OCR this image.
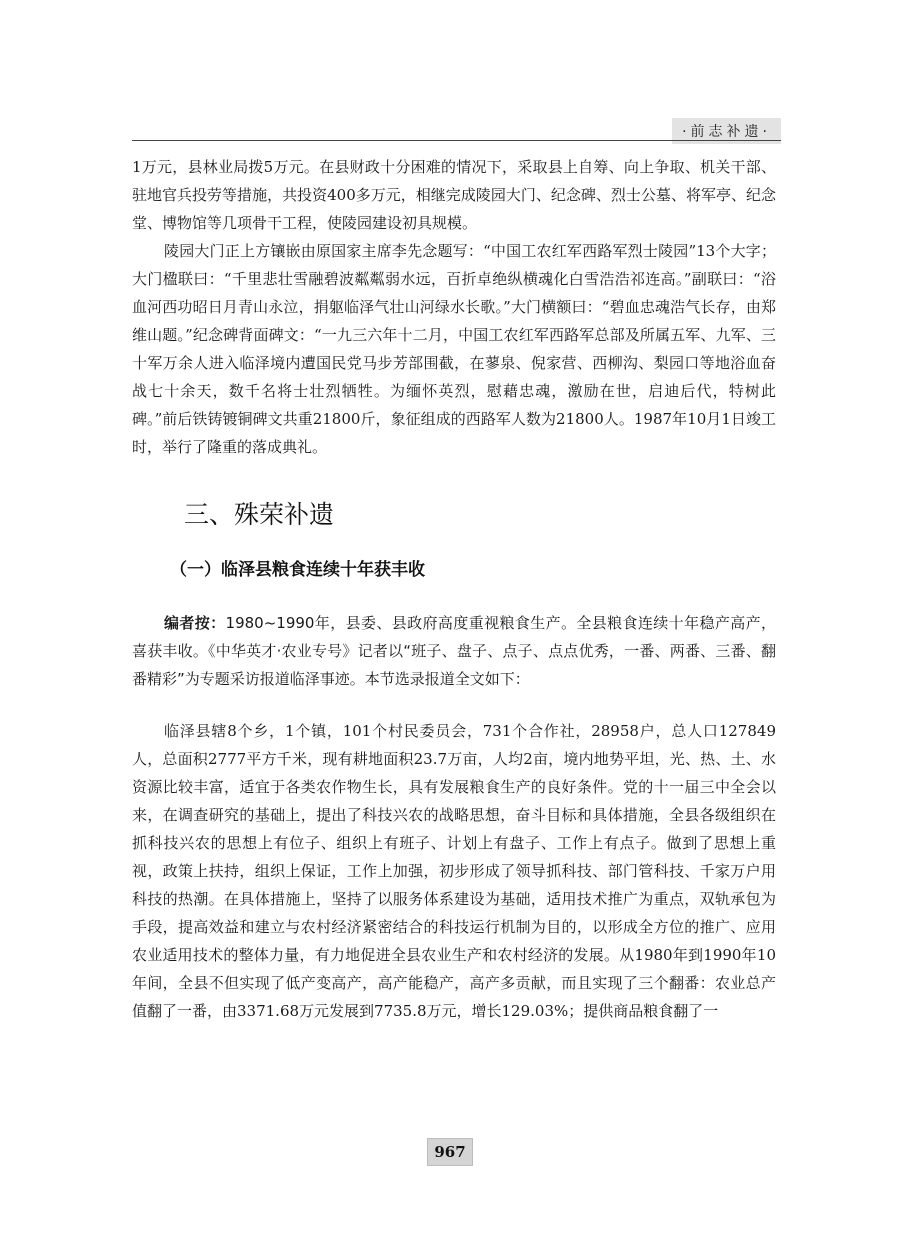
·前志补遗·

1万元，县林业局拨5万元。在县财政十分困难的情况下，采取县上自筹、向上争取、机关干部、驻地官兵投劳等措施，共投资400多万元，相继完成陵园大门、纪念碑、烈士公墓、将军亭、纪念堂、博物馆等几项骨干工程，使陵园建设初具规模。

陵园大门正上方镶嵌由原国家主席李先念题写：“中国工农红军西路军烈士陵园”13个大字；大门楹联曰：“千里悲壮雪融碧波粼粼弱水远，百折卓绝纵横魂化白雪浩浩祁连高。”副联曰：“浴血河西功昭日月青山永泣，捐躯临泽气壮山河绿水长歌。”大门横额曰：“碧血忠魂浩气长存，由郑维山题。”纪念碑背面碑文：“一九三六年十二月，中国工农红军西路军总部及所属五军、九军、三十军万余人进入临泽境内遭国民党马步芳部围截，在蓼泉、倪家营、西柳沟、梨园口等地浴血奋战七十余天，数千名将士壮烈牺牲。为缅怀英烈，慰藉忠魂，激励在世，启迪后代，特树此碑。”前后铁铸镀铜碑文共重21800斤，象征组成的西路军人数为21800人。1987年10月1日竣工时，举行了隆重的落成典礼。

三、殊荣补遗
（一）临泽县粮食连续十年获丰收

编者按：1980~1990年，县委、县政府高度重视粮食生产。全县粮食连续十年稳产高产，喜获丰收。《中华英才·农业专号》记者以“班子、盘子、点子、点点优秀，一番、两番、三番、翻番精彩”为专题采访报道临泽事迹。本节选录报道全文如下：

临泽县辖8个乡，1个镇，101个村民委员会，731个合作社，28958户，总人口127849人，总面积2777平方千米，现有耕地面积23.7万亩，人均2亩，境内地势平坦，光、热、土、水资源比较丰富，适宜于各类农作物生长，具有发展粮食生产的良好条件。党的十一届三中全会以来，在调查研究的基础上，提出了科技兴农的战略思想，奋斗目标和具体措施，全县各级组织在抓科技兴农的思想上有位子、组织上有班子、计划上有盘子、工作上有点子。做到了思想上重视，政策上扶持，组织上保证，工作上加强，初步形成了领导抓科技、部门管科技、千家万户用科技的热潮。在具体措施上，坚持了以服务体系建设为基础，适用技术推广为重点，双轨承包为手段，提高效益和建立与农村经济紧密结合的科技运行机制为目的，以形成全方位的推广、应用农业适用技术的整体力量，有力地促进全县农业生产和农村经济的发展。从1980年到1990年10年间，全县不但实现了低产变高产，高产能稳产，高产多贡献，而且实现了三个翻番：农业总产值翻了一番，由3371.68万元发展到7735.8万元，增长129.03%；提供商品粮食翻了一

967
